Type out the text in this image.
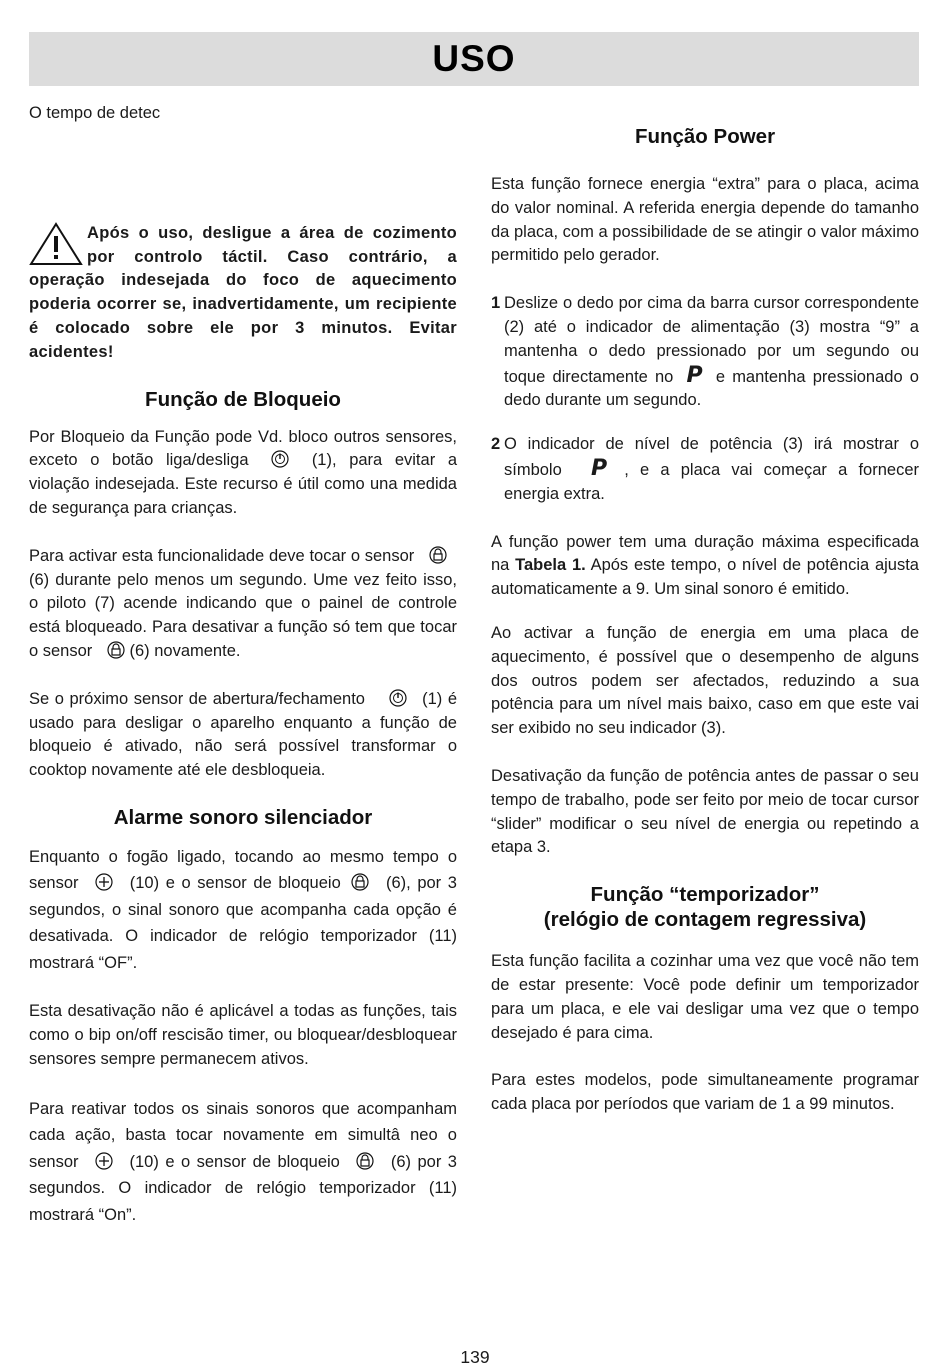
USO

O tempo de detec

Após o uso, desligue a área de cozimento por controlo táctil. Caso contrário, a operação indesejada do foco de aquecimento poderia ocorrer se, inadvertidamente, um recipiente é colocado sobre ele por 3 minutos. Evitar acidentes!

Função de Bloqueio

Por Bloqueio da Função pode Vd. bloco outros sensores, exceto o botão liga/desliga	(1), para evitar a violação indesejada. Este recurso é útil como una medida de segurança para crianças.

Para activar esta funcionalidade deve tocar o sensor
(6) durante pelo menos um segundo. Ume vez feito isso, o piloto (7) acende indicando que o painel de controle está bloqueado. Para desativar a função só tem que tocar o sensor (6) novamente.

Se o próximo sensor de abertura/fechamento	(1) é usado para desligar o aparelho enquanto a função de bloqueio é ativado, não será possível transformar o cooktop novamente até ele desbloqueia.

Alarme sonoro silenciador

Enquanto o fogão ligado, tocando ao mesmo tempo o sensor	(10) e o sensor de bloqueio	(6), por 3 segundos, o sinal sonoro que acompanha cada opção é desativada. O indicador de relógio temporizador (11) mostrará “OF”.

Esta desativação não é aplicável a todas as funções, tais como o bip on/off rescisão timer, ou bloquear/desbloquear sensores sempre permanecem ativos.

Para reativar todos os sinais sonoros que acompanham cada ação, basta tocar novamente em simultâ neo o sensor	(10) e o sensor de bloqueio	(6) por 3 segundos. O indicador de relógio temporizador (11) mostrará “On”.

Função Power

Esta função fornece energia “extra” para o placa, acima do valor nominal. A referida energia depende do tamanho da placa, com a possibilidade de se atingir o valor máximo permitido pelo gerador.

1 Deslize o dedo por cima da barra cursor correspondente (2) até o indicador de alimentação (3) mostra “9” a mantenha o dedo pressionado por um segundo ou toque directamente no P e mantenha pressionado o dedo durante um segundo.
2 O indicador de nível de potência (3) irá mostrar o símbolo P , e a placa vai começar a fornecer energia extra.

A função power tem uma duração máxima especificada na Tabela 1. Após este tempo, o nível de potência ajusta automaticamente a 9. Um sinal sonoro é emitido.

Ao activar a função de energia em uma placa de aquecimento, é possível que o desempenho de alguns dos outros podem ser afectados, reduzindo a sua potência para um nível mais baixo, caso em que este vai ser exibido no seu indicador (3).

Desativação da função de potência antes de passar o seu tempo de trabalho, pode ser feito por meio de tocar cursor “slider” modificar o seu nível de energia ou repetindo a etapa 3.

Função “temporizador”
(relógio de contagem regressiva)

Esta função facilita a cozinhar uma vez que você não tem de estar presente: Você pode definir um temporizador para um placa, e ele vai desligar uma vez que o tempo desejado é para cima.

Para estes modelos, pode simultaneamente programar cada placa por períodos que variam de 1 a 99 minutos.

139
